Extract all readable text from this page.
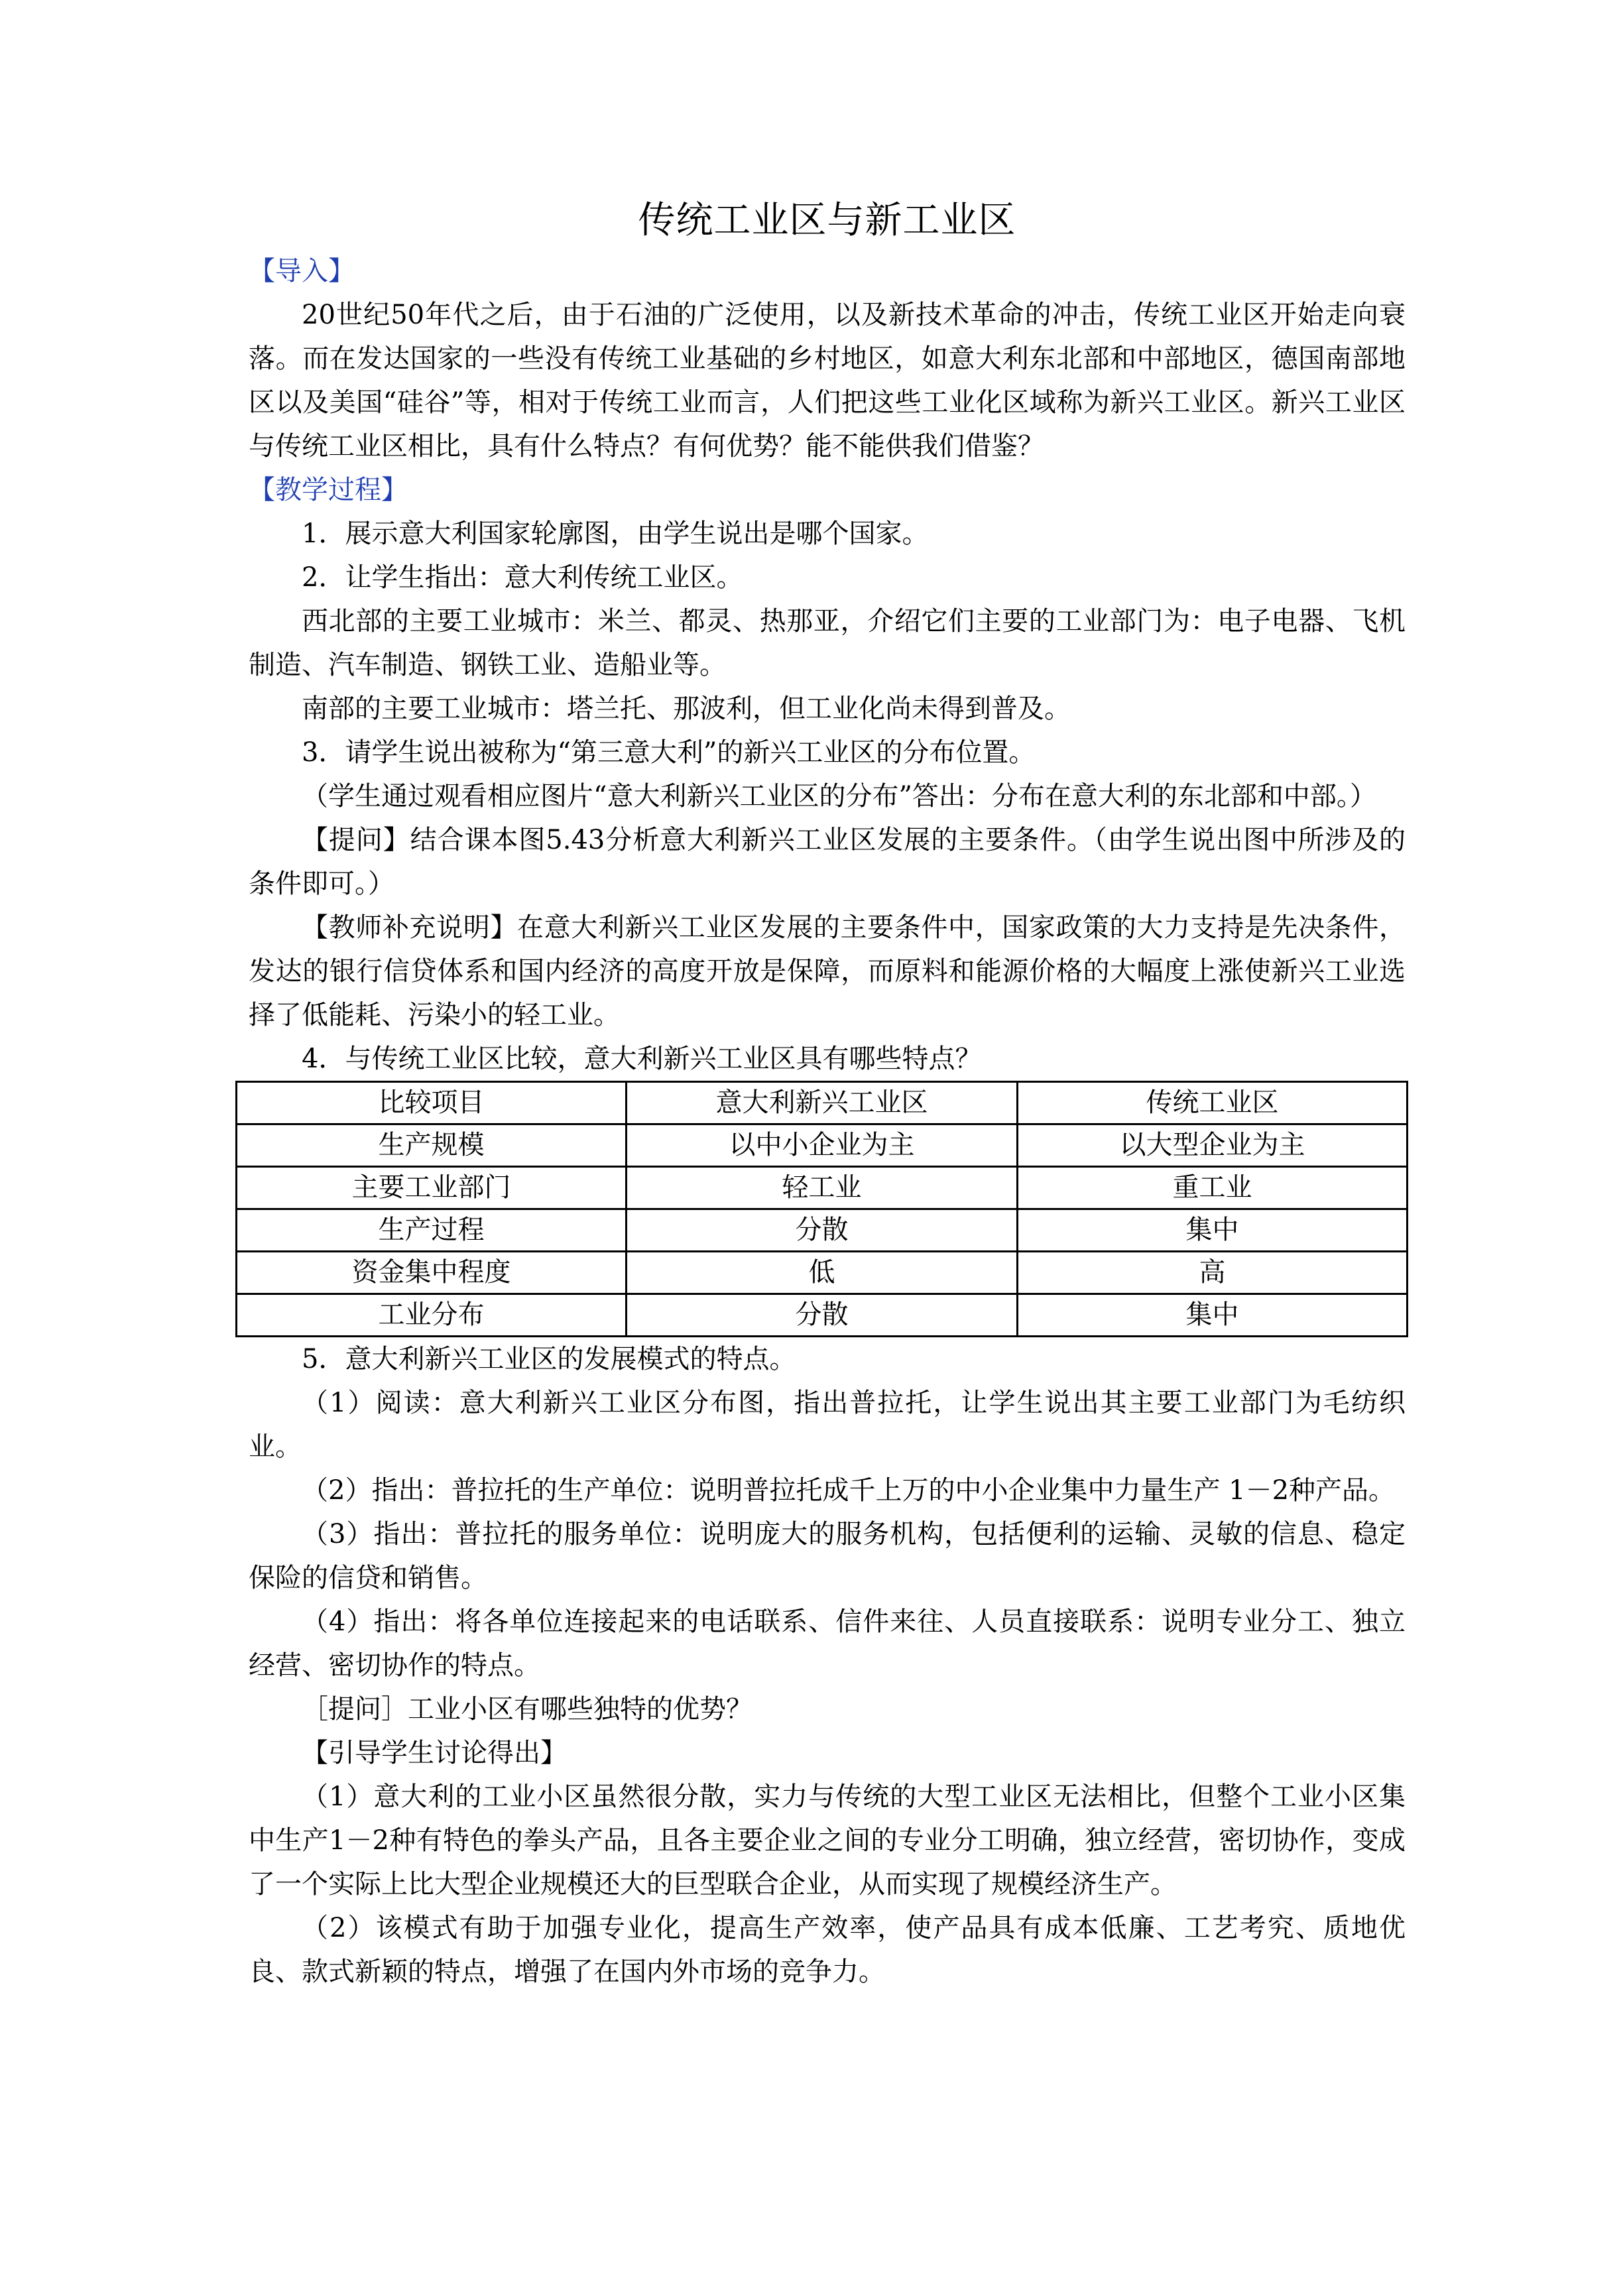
传统工业区与新工业区
【导入】

20世纪50年代之后，由于石油的广泛使用，以及新技术革命的冲击，传统工业区开始走向衰落。而在发达国家的一些没有传统工业基础的乡村地区，如意大利东北部和中部地区，德国南部地区以及美国“硅谷”等，相对于传统工业而言，人们把这些工业化区域称为新兴工业区。新兴工业区与传统工业区相比，具有什么特点？有何优势？能不能供我们借鉴？

【教学过程】

1．展示意大利国家轮廓图，由学生说出是哪个国家。

2．让学生指出：意大利传统工业区。

西北部的主要工业城市：米兰、都灵、热那亚，介绍它们主要的工业部门为：电子电器、飞机制造、汽车制造、钢铁工业、造船业等。

南部的主要工业城市：塔兰托、那波利，但工业化尚未得到普及。

3．请学生说出被称为“第三意大利”的新兴工业区的分布位置。

（学生通过观看相应图片“意大利新兴工业区的分布”答出：分布在意大利的东北部和中部。）

【提问】结合课本图5.43分析意大利新兴工业区发展的主要条件。（由学生说出图中所涉及的条件即可。）

【教师补充说明】在意大利新兴工业区发展的主要条件中，国家政策的大力支持是先决条件，发达的银行信贷体系和国内经济的高度开放是保障，而原料和能源价格的大幅度上涨使新兴工业选择了低能耗、污染小的轻工业。

4．与传统工业区比较，意大利新兴工业区具有哪些特点？

比较项目	意大利新兴工业区	传统工业区
生产规模	以中小企业为主	以大型企业为主
主要工业部门	轻工业	重工业
生产过程	分散	集中
资金集中程度	低	高
工业分布	分散	集中

5．意大利新兴工业区的发展模式的特点。

（1）阅读：意大利新兴工业区分布图，指出普拉托，让学生说出其主要工业部门为毛纺织业。

（2）指出：普拉托的生产单位：说明普拉托成千上万的中小企业集中力量生产 1－2种产品。

（3）指出：普拉托的服务单位：说明庞大的服务机构，包括便利的运输、灵敏的信息、稳定保险的信贷和销售。

（4）指出：将各单位连接起来的电话联系、信件来往、人员直接联系：说明专业分工、独立经营、密切协作的特点。

［提问］工业小区有哪些独特的优势？

【引导学生讨论得出】

（1）意大利的工业小区虽然很分散，实力与传统的大型工业区无法相比，但整个工业小区集中生产1－2种有特色的拳头产品，且各主要企业之间的专业分工明确，独立经营，密切协作，变成了一个实际上比大型企业规模还大的巨型联合企业，从而实现了规模经济生产。

（2）该模式有助于加强专业化，提高生产效率，使产品具有成本低廉、工艺考究、质地优良、款式新颖的特点，增强了在国内外市场的竞争力。
